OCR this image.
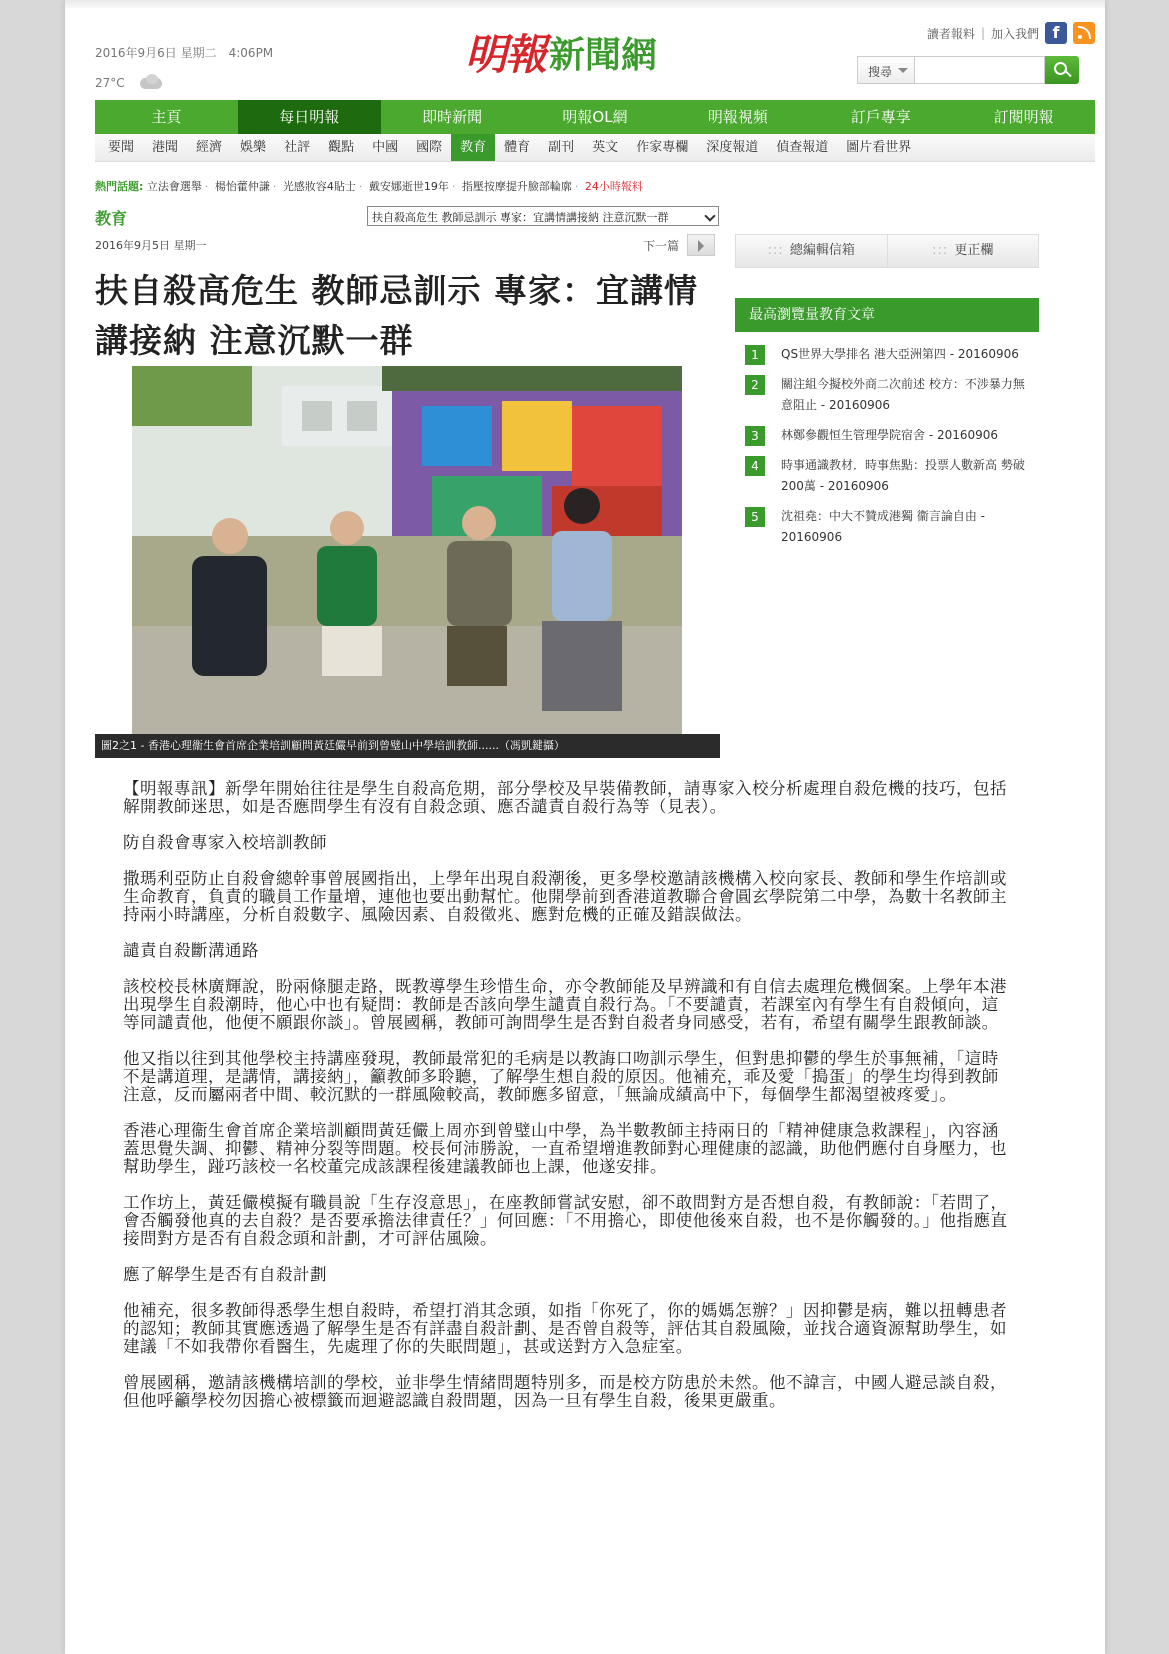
2016年9月6日 星期二　4:06PM
27°C
明報 新聞網	讀者報料 | 加入我們 f
搜尋
主頁	每日明報	即時新聞	明報OL網	明報視頻	訂戶專享	訂閱明報
要聞	港聞	經濟	娛樂	社評	觀點	中國	國際	教育	體育	副刊	英文	作家專欄	深度報道	偵查報道	圖片看世界
熱門話題: 立法會選舉 · 楊怡藿仲謙 · 光感妝容4貼士 · 戴安娜逝世19年 · 指壓按摩提升臉部輪廓 · 24小時報料
教育	扶自殺高危生 教師忌訓示 專家：宜講情講接納 注意沉默一群
2016年9月5日 星期一	下一篇
扶自殺高危生 教師忌訓示 專家：宜講情講接納 注意沉默一群
圖2之1 - 香港心理衞生會首席企業培訓顧問黃廷儼早前到曾璧山中學培訓教師......（馮凱鍵攝）

【明報專訊】新學年開始往往是學生自殺高危期，部分學校及早裝備教師，請專家入校分析處理自殺危機的技巧，包括解開教師迷思，如是否應問學生有沒有自殺念頭、應否譴責自殺行為等（見表）。

防自殺會專家入校培訓教師

撒瑪利亞防止自殺會總幹事曾展國指出，上學年出現自殺潮後，更多學校邀請該機構入校向家長、教師和學生作培訓或生命教育，負責的職員工作量增，連他也要出動幫忙。他開學前到香港道教聯合會圓玄學院第二中學，為數十名教師主持兩小時講座，分析自殺數字、風險因素、自殺徵兆、應對危機的正確及錯誤做法。

譴責自殺斷溝通路

該校校長林廣輝說，盼兩條腿走路，既教導學生珍惜生命，亦令教師能及早辨識和有自信去處理危機個案。上學年本港出現學生自殺潮時，他心中也有疑問：教師是否該向學生譴責自殺行為。「不要譴責，若課室內有學生有自殺傾向，這等同譴責他，他便不願跟你談」。曾展國稱，教師可詢問學生是否對自殺者身同感受，若有，希望有關學生跟教師談。

他又指以往到其他學校主持講座發現，教師最常犯的毛病是以教誨口吻訓示學生，但對患抑鬱的學生於事無補，「這時不是講道理，是講情，講接納」，籲教師多聆聽，了解學生想自殺的原因。他補充，乖及愛「搗蛋」的學生均得到教師注意，反而屬兩者中間、較沉默的一群風險較高，教師應多留意，「無論成績高中下，每個學生都渴望被疼愛」。

香港心理衞生會首席企業培訓顧問黃廷儼上周亦到曾璧山中學，為半數教師主持兩日的「精神健康急救課程」，內容涵蓋思覺失調、抑鬱、精神分裂等問題。校長何沛勝說，一直希望增進教師對心理健康的認識，助他們應付自身壓力，也幫助學生，踫巧該校一名校董完成該課程後建議教師也上課，他遂安排。

工作坊上，黃廷儼模擬有職員說「生存沒意思」，在座教師嘗試安慰，卻不敢問對方是否想自殺，有教師說：「若問了，會否觸發他真的去自殺？是否要承擔法律責任？」何回應：「不用擔心，即使他後來自殺，也不是你觸發的。」他指應直接問對方是否有自殺念頭和計劃，才可評估風險。

應了解學生是否有自殺計劃

他補充，很多教師得悉學生想自殺時，希望打消其念頭，如指「你死了，你的媽媽怎辦？」因抑鬱是病，難以扭轉患者的認知；教師其實應透過了解學生是否有詳盡自殺計劃、是否曾自殺等，評估其自殺風險，並找合適資源幫助學生，如建議「不如我帶你看醫生，先處理了你的失眠問題」，甚或送對方入急症室。

曾展國稱，邀請該機構培訓的學校，並非學生情緒問題特別多，而是校方防患於未然。他不諱言，中國人避忌談自殺，但他呼籲學校勿因擔心被標籤而迴避認識自殺問題，因為一旦有學生自殺，後果更嚴重。

::: 總編輯信箱	::: 更正欄
最高瀏覽量教育文章
1	QS世界大學排名 港大亞洲第四 - 20160906
2	關注組今擬校外商二次前述 校方：不涉暴力無意阻止 - 20160906
3	林鄭參觀恒生管理學院宿舍 - 20160906
4	時事通識教材．時事焦點：投票人數新高 勢破200萬 - 20160906
5	沈祖堯：中大不贊成港獨 衞言論自由 - 20160906
